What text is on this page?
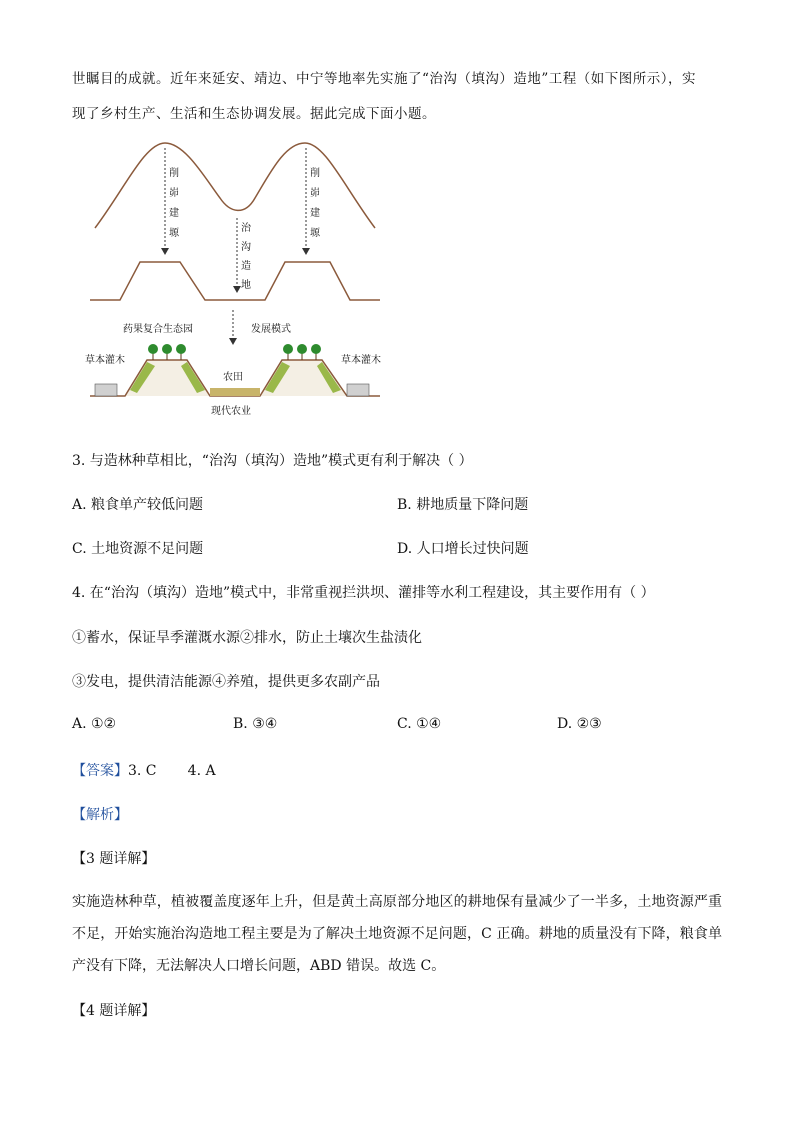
世瞩目的成就。近年来延安、靖边、中宁等地率先实施了“治沟（填沟）造地”工程（如下图所示），实
现了乡村生产、生活和生态协调发展。据此完成下面小题。
削
峁
建
塬	治
沟
造
地
削
峁
建
塬
药果复合生态园	发展模式
草本灌木	草本灌木
农田
现代农业
3. 与造林种草相比，“治沟（填沟）造地”模式更有利于解决（ ）
A. 粮食单产较低问题	B. 耕地质量下降问题
C. 土地资源不足问题	D. 人口增长过快问题
4. 在“治沟（填沟）造地”模式中，非常重视拦洪坝、灌排等水利工程建设，其主要作用有（ ）
①蓄水，保证旱季灌溉水源②排水，防止土壤次生盐渍化
③发电，提供清洁能源④养殖，提供更多农副产品
A. ①②	B. ③④	C. ①④	D. ②③
【答案】3. C       4. A
【解析】
【3 题详解】
实施造林种草，植被覆盖度逐年上升，但是黄土高原部分地区的耕地保有量减少了一半多，土地资源严重不足，开始实施治沟造地工程主要是为了解决土地资源不足问题，C 正确。耕地的质量没有下降，粮食单产没有下降，无法解决人口增长问题，ABD 错误。故选 C。
【4 题详解】
